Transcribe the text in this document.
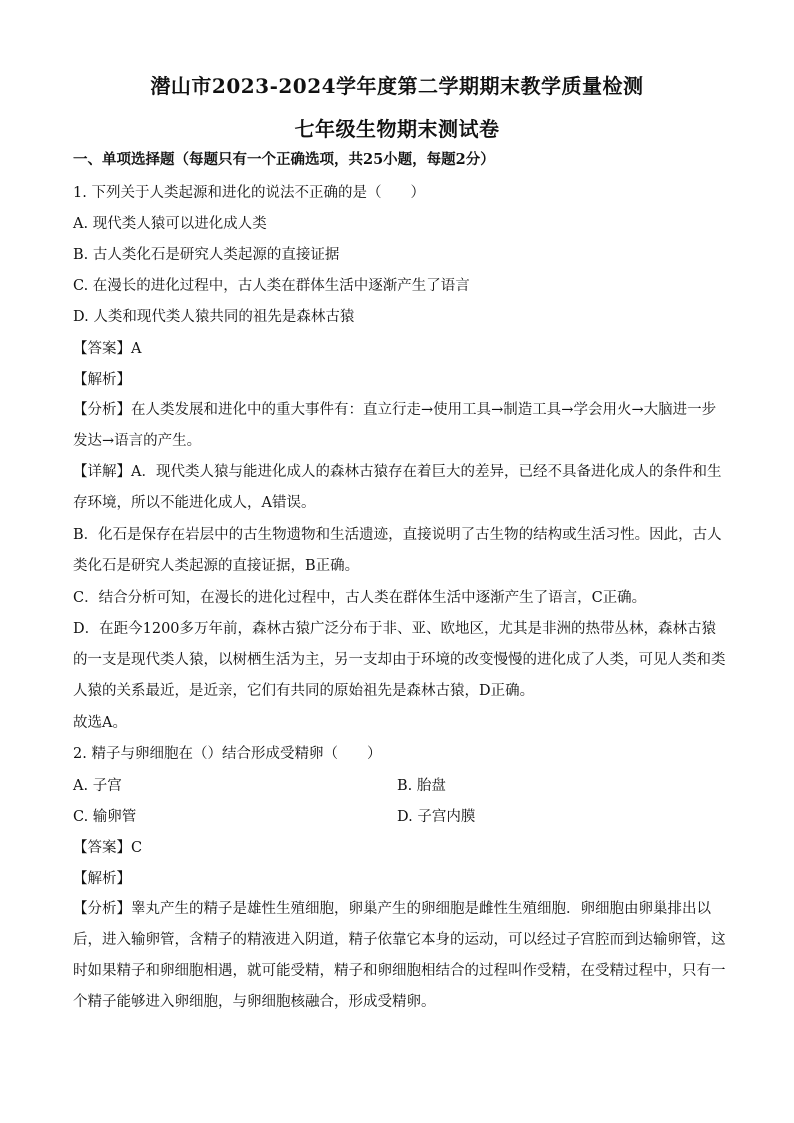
潜山市2023-2024学年度第二学期期末教学质量检测
七年级生物期末测试卷
一、单项选择题（每题只有一个正确选项，共25小题，每题2分）
1. 下列关于人类起源和进化的说法不正确的是（　　）
A. 现代类人猿可以进化成人类
B. 古人类化石是研究人类起源的直接证据
C. 在漫长的进化过程中，古人类在群体生活中逐渐产生了语言
D. 人类和现代类人猿共同的祖先是森林古猿
【答案】A
【解析】
【分析】在人类发展和进化中的重大事件有：直立行走→使用工具→制造工具→学会用火→大脑进一步发达→语言的产生。
【详解】A．现代类人猿与能进化成人的森林古猿存在着巨大的差异，已经不具备进化成人的条件和生存环境，所以不能进化成人，A错误。
B．化石是保存在岩层中的古生物遗物和生活遗迹，直接说明了古生物的结构或生活习性。因此，古人类化石是研究人类起源的直接证据，B正确。
C．结合分析可知，在漫长的进化过程中，古人类在群体生活中逐渐产生了语言，C正确。
D．在距今1200多万年前，森林古猿广泛分布于非、亚、欧地区，尤其是非洲的热带丛林，森林古猿的一支是现代类人猿，以树栖生活为主，另一支却由于环境的改变慢慢的进化成了人类，可见人类和类人猿的关系最近，是近亲，它们有共同的原始祖先是森林古猿，D正确。
故选A。
2. 精子与卵细胞在（）结合形成受精卵（　　）
A. 子宫	B. 胎盘
C. 输卵管	D. 子宫内膜
【答案】C
【解析】
【分析】睾丸产生的精子是雄性生殖细胞，卵巢产生的卵细胞是雌性生殖细胞．卵细胞由卵巢排出以后，进入输卵管，含精子的精液进入阴道，精子依靠它本身的运动，可以经过子宫腔而到达输卵管，这时如果精子和卵细胞相遇，就可能受精，精子和卵细胞相结合的过程叫作受精，在受精过程中，只有一个精子能够进入卵细胞，与卵细胞核融合，形成受精卵。
